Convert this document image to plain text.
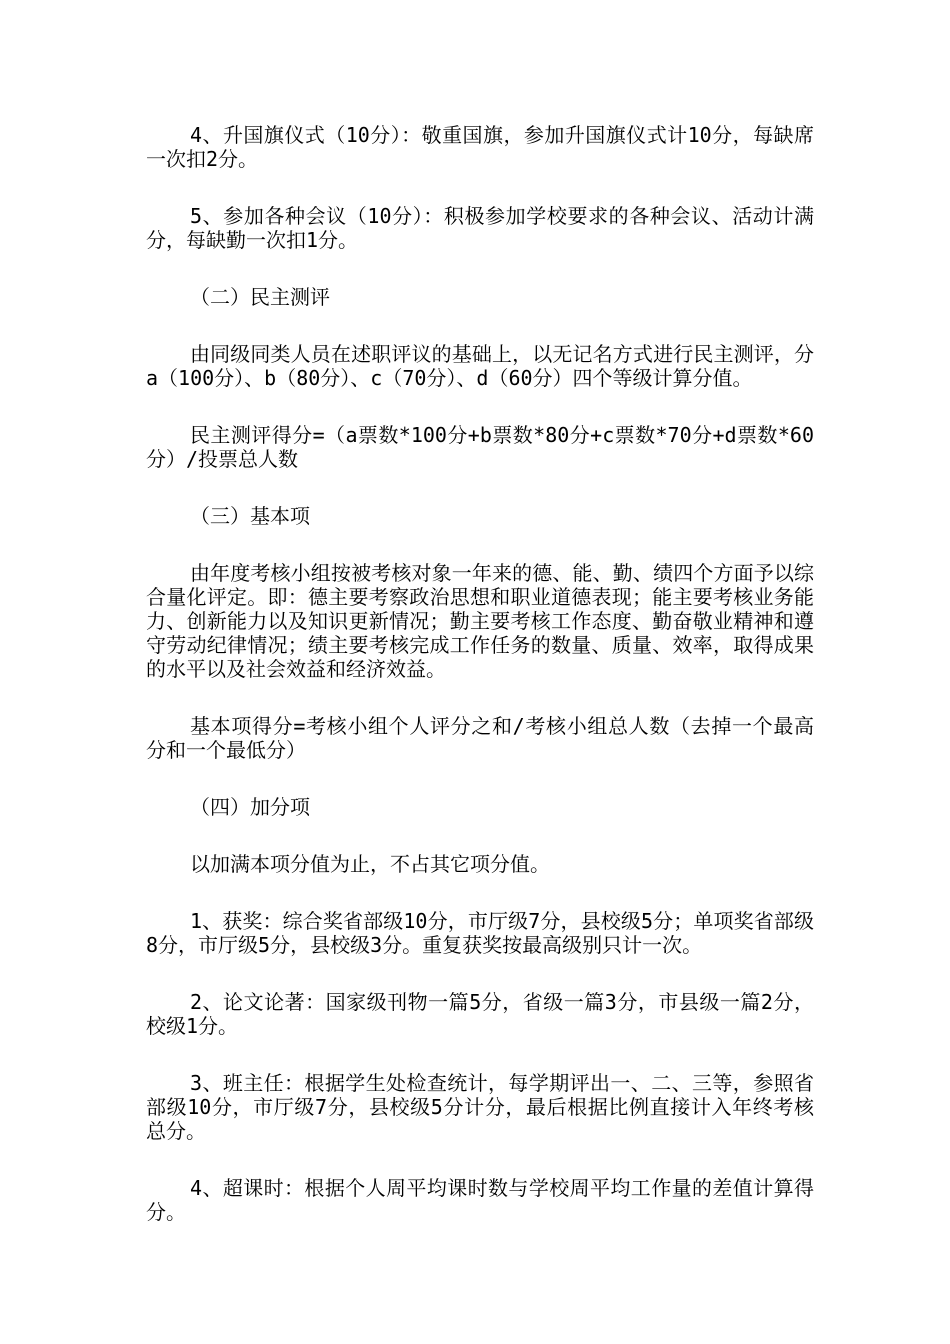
4、升国旗仪式（10分）：敬重国旗，参加升国旗仪式计10分，每缺席一次扣2分。

5、参加各种会议（10分）：积极参加学校要求的各种会议、活动计满分，每缺勤一次扣1分。

（二）民主测评

由同级同类人员在述职评议的基础上，以无记名方式进行民主测评，分a（100分）、b（80分）、c（70分）、d（60分）四个等级计算分值。

民主测评得分=（a票数*100分+b票数*80分+c票数*70分+d票数*60分）/投票总人数

（三）基本项

由年度考核小组按被考核对象一年来的德、能、勤、绩四个方面予以综合量化评定。即：德主要考察政治思想和职业道德表现；能主要考核业务能力、创新能力以及知识更新情况；勤主要考核工作态度、勤奋敬业精神和遵守劳动纪律情况；绩主要考核完成工作任务的数量、质量、效率，取得成果的水平以及社会效益和经济效益。

基本项得分=考核小组个人评分之和/考核小组总人数（去掉一个最高分和一个最低分）

（四）加分项

以加满本项分值为止，不占其它项分值。

1、获奖：综合奖省部级10分，市厅级7分，县校级5分；单项奖省部级8分，市厅级5分，县校级3分。重复获奖按最高级别只计一次。

2、论文论著：国家级刊物一篇5分，省级一篇3分，市县级一篇2分，校级1分。

3、班主任：根据学生处检查统计，每学期评出一、二、三等，参照省部级10分，市厅级7分，县校级5分计分，最后根据比例直接计入年终考核总分。

4、超课时：根据个人周平均课时数与学校周平均工作量的差值计算得分。
